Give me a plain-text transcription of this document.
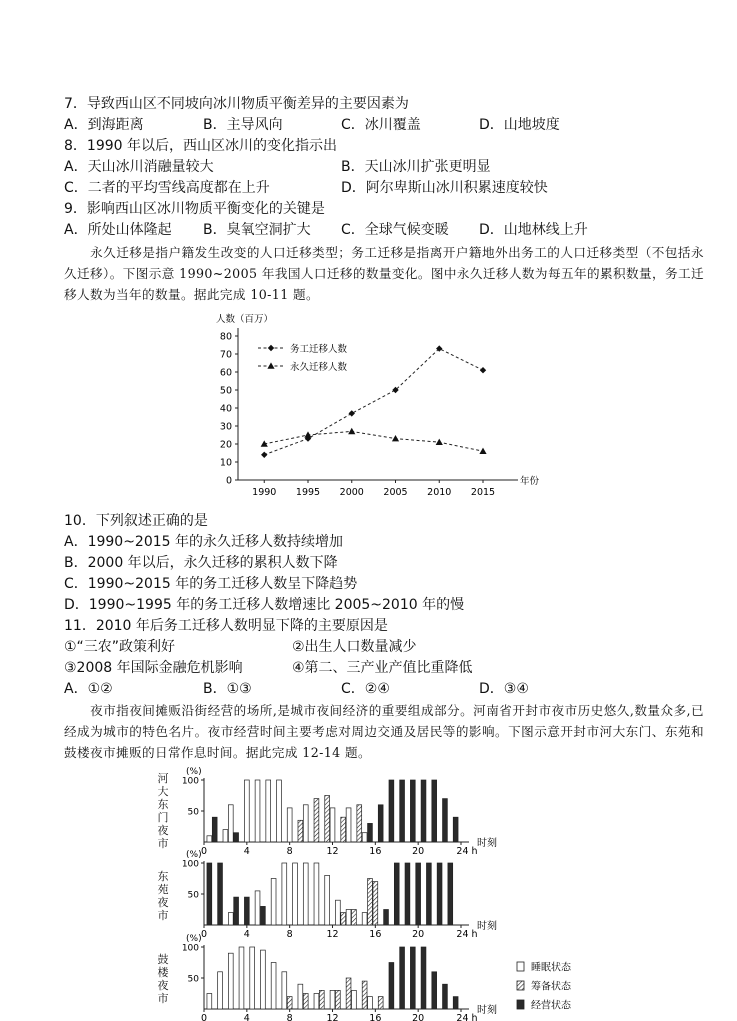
7．导致西山区不同坡向冰川物质平衡差异的主要因素为
A．到海距离	B．主导风向	C．冰川覆盖	D．山地坡度
8．1990 年以后，西山区冰川的变化指示出
A．天山冰川消融量较大	B．天山冰川扩张更明显
C．二者的平均雪线高度都在上升	D．阿尔卑斯山冰川积累速度较快
9．影响西山区冰川物质平衡变化的关键是
A．所处山体隆起 B．臭氧空洞扩大 C．全球气候变暖 D．山地林线上升
永久迁移是指户籍发生改变的人口迁移类型；务工迁移是指离开户籍地外出务工的人口迁移类型（不包括永久迁移）。下图示意 1990~2005 年我国人口迁移的数量变化。图中永久迁移人数为每五年的累积数量，务工迁移人数为当年的数量。据此完成 10-11 题。
人数（百万）
年份
0
10
20
30
40
50
60
70
80
1990 1995 2000 2005 2010 2015
务工迁移人数
永久迁移人数
10．下列叙述正确的是
A．1990~2015 年的永久迁移人数持续增加
B．2000 年以后，永久迁移的累积人数下降
C．1990~2015 年的务工迁移人数呈下降趋势
D．1990~1995 年的务工迁移人数增速比 2005~2010 年的慢
11．2010 年后务工迁移人数明显下降的主要原因是
①“三农”政策利好	②出生人口数量减少
③2008 年国际金融危机影响	④第二、三产业产值比重降低
A．①②	B．①③	C．②④	D．③④
夜市指夜间摊贩沿街经营的场所,是城市夜间经济的重要组成部分。河南省开封市夜市历史悠久,数量众多,已经成为城市的特色名片。夜市经营时间主要考虑对周边交通及居民等的影响。下图示意开封市河大东门、东苑和鼓楼夜市摊贩的日常作息时间。据此完成 12-14 题。
河大东门夜市
东苑夜市
鼓楼夜市
(%)
50
100
0	4	8	12	16	20	24 h
时刻
(%)
50
100
0	4	8	12	16	20	24 h
时刻
(%)
50
100
0	4	8	12	16	20	24 h
时刻
睡眠状态
筹备状态
经营状态
